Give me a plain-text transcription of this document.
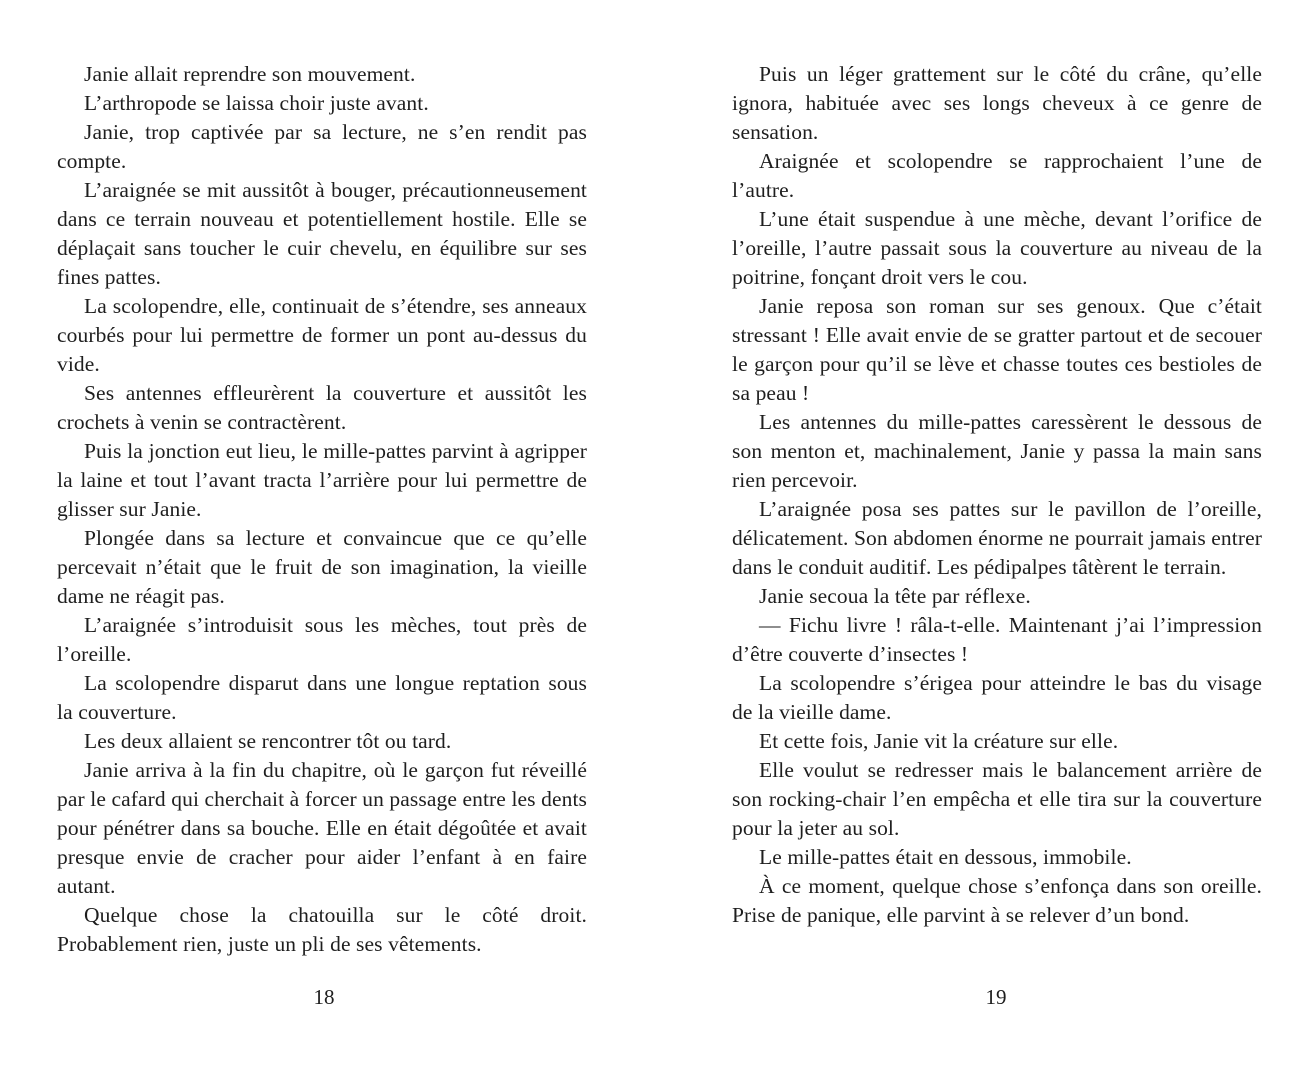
Janie allait reprendre son mouvement.

L’arthropode se laissa choir juste avant.

Janie, trop captivée par sa lecture, ne s’en rendit pas compte.

L’araignée se mit aussitôt à bouger, précautionneusement dans ce terrain nouveau et potentiellement hostile. Elle se déplaçait sans toucher le cuir chevelu, en équilibre sur ses fines pattes.

La scolopendre, elle, continuait de s’étendre, ses anneaux courbés pour lui permettre de former un pont au-dessus du vide.

Ses antennes effleurèrent la couverture et aussitôt les crochets à venin se contractèrent.

Puis la jonction eut lieu, le mille-pattes parvint à agripper la laine et tout l’avant tracta l’arrière pour lui permettre de glisser sur Janie.

Plongée dans sa lecture et convaincue que ce qu’elle percevait n’était que le fruit de son imagination, la vieille dame ne réagit pas.

L’araignée s’introduisit sous les mèches, tout près de l’oreille.

La scolopendre disparut dans une longue reptation sous la couverture.

Les deux allaient se rencontrer tôt ou tard.

Janie arriva à la fin du chapitre, où le garçon fut réveillé par le cafard qui cherchait à forcer un passage entre les dents pour pénétrer dans sa bouche. Elle en était dégoûtée et avait presque envie de cracher pour aider l’enfant à en faire autant.

Quelque chose la chatouilla sur le côté droit. Probablement rien, juste un pli de ses vêtements.

18

Puis un léger grattement sur le côté du crâne, qu’elle ignora, habituée avec ses longs cheveux à ce genre de sensation.

Araignée et scolopendre se rapprochaient l’une de l’autre.

L’une était suspendue à une mèche, devant l’orifice de l’oreille, l’autre passait sous la couverture au niveau de la poitrine, fonçant droit vers le cou.

Janie reposa son roman sur ses genoux. Que c’était stressant ! Elle avait envie de se gratter partout et de secouer le garçon pour qu’il se lève et chasse toutes ces bestioles de sa peau !

Les antennes du mille-pattes caressèrent le dessous de son menton et, machinalement, Janie y passa la main sans rien percevoir.

L’araignée posa ses pattes sur le pavillon de l’oreille, délicatement. Son abdomen énorme ne pourrait jamais entrer dans le conduit auditif. Les pédipalpes tâtèrent le terrain.

Janie secoua la tête par réflexe.

— Fichu livre ! râla-t-elle. Maintenant j’ai l’impression d’être couverte d’insectes !

La scolopendre s’érigea pour atteindre le bas du visage de la vieille dame.

Et cette fois, Janie vit la créature sur elle.

Elle voulut se redresser mais le balancement arrière de son rocking-chair l’en empêcha et elle tira sur la couverture pour la jeter au sol.

Le mille-pattes était en dessous, immobile.

À ce moment, quelque chose s’enfonça dans son oreille. Prise de panique, elle parvint à se relever d’un bond.

19
